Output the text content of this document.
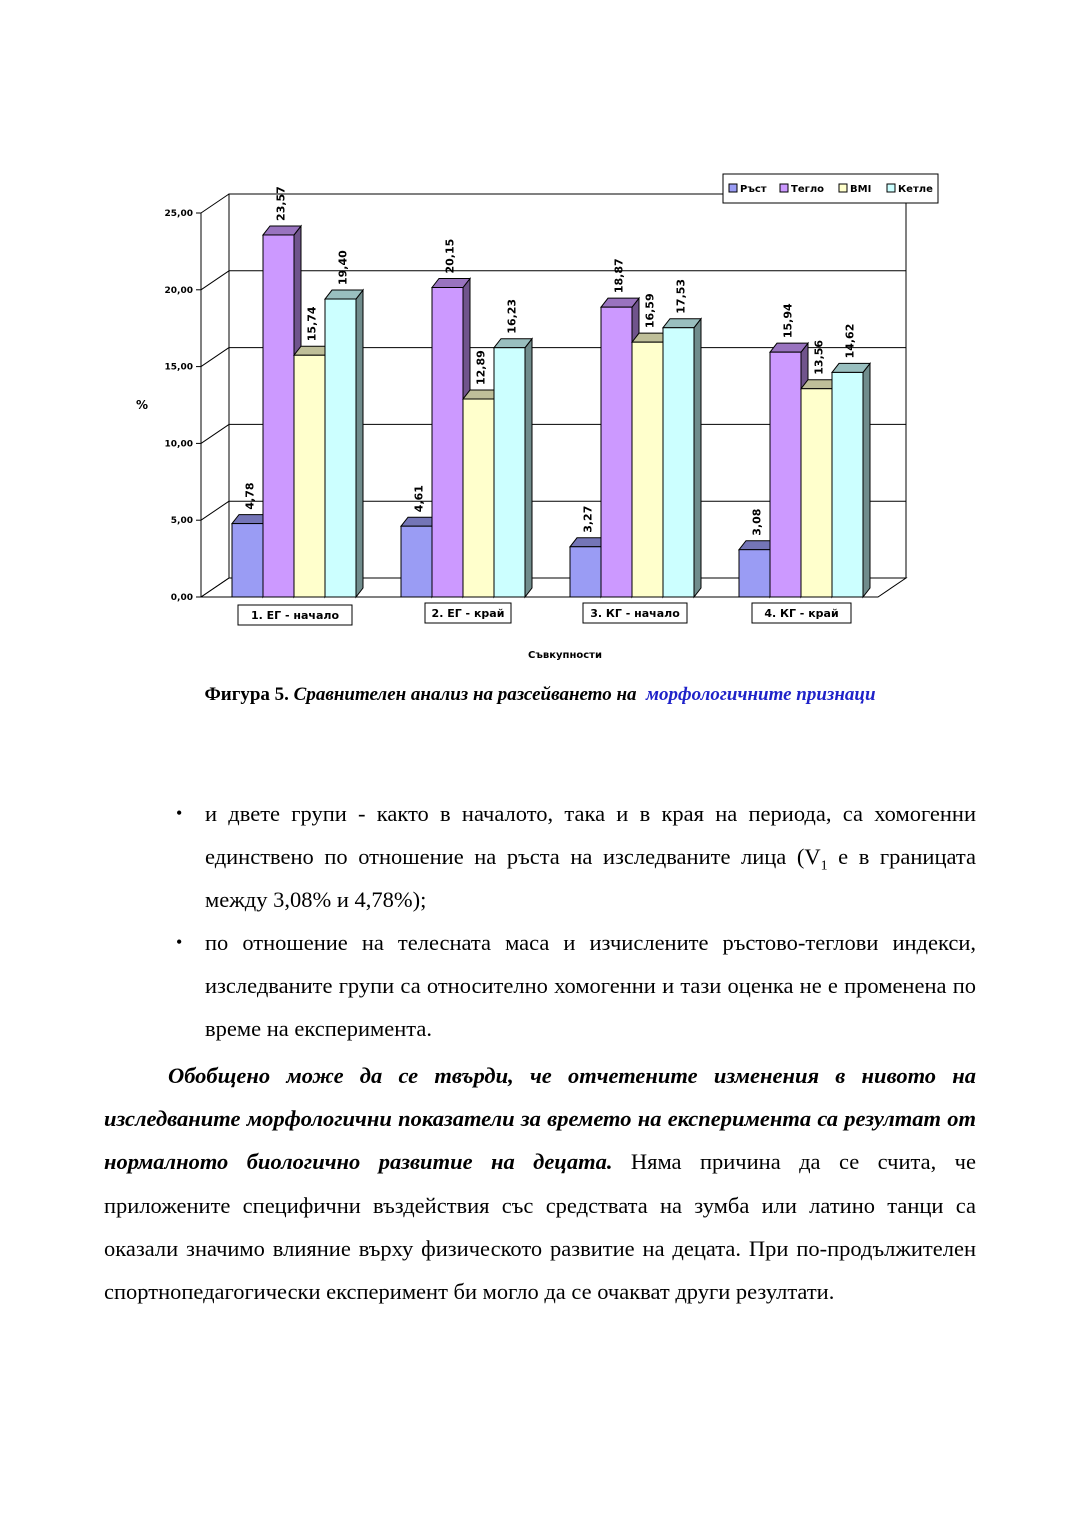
0,00
5,00
10,00
15,00
20,00
25,00
4,78
23,57
15,74
19,40
1. ЕГ - начало
4,61
20,15
12,89
16,23
2. ЕГ - край
3,27
18,87
16,59 17,53
3. КГ - начало
3,08
15,94
13,56 14,62
4. КГ - край
%
Съвкупности
Ръст Тегло	BMI	Кетле
Фигура 5. Сравнителен анализ на разсейването на морфологичните признаци
• и двете групи - както в началото, така и в края на периода, са хомогенни единствено по отношение на ръста на изследваните лица ($V_1$ е в границата между 3,08% и 4,78%);
• по отношение на телесната маса и изчислените ръстово-теглови индекси, изследваните групи са относително хомогенни и тази оценка не е променена по време на експеримента.

Обобщено може да се твърди, че отчетените изменения в нивото на изследваните морфологични показатели за времето на експеримента са резултат от нормалното биологично развитие на децата. Няма причина да се счита, че приложените специфични въздействия със средствата на зумба или латино танци са оказали значимо влияние върху физическото развитие на децата. При по-продължителен спортнопедагогически експеримент би могло да се очакват други резултати.
